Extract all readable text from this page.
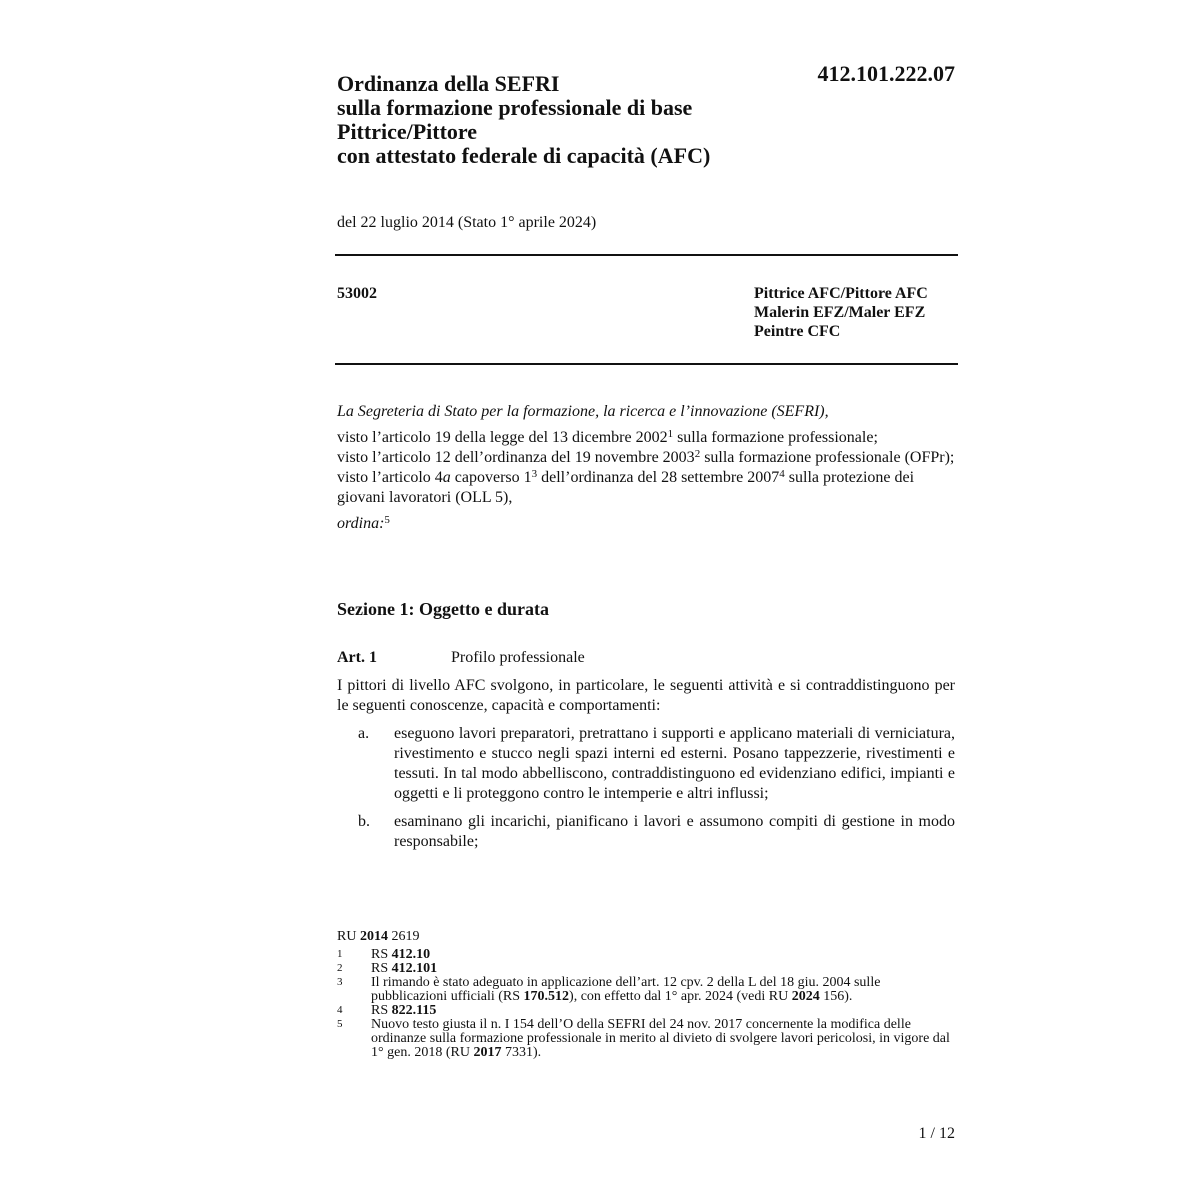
412.101.222.07
Ordinanza della SEFRI
sulla formazione professionale di base
Pittrice/Pittore
con attestato federale di capacità (AFC)
del 22 luglio 2014 (Stato 1° aprile 2024)
53002	Pittrice AFC/Pittore AFC
Malerin EFZ/Maler EFZ
Peintre CFC

La Segreteria di Stato per la formazione, la ricerca e l’innovazione (SEFRI),

visto l’articolo 19 della legge del 13 dicembre 2002$^1$ sulla formazione professionale;

visto l’articolo 12 dell’ordinanza del 19 novembre 2003$^2$ sulla formazione professionale (OFPr);

visto l’articolo 4a capoverso $1^3$ dell’ordinanza del 28 settembre 2007$^4$ sulla protezione dei giovani lavoratori (OLL 5),

ordina:$^5$

Sezione 1: Oggetto e durata
Art. 1	Profilo professionale

I pittori di livello AFC svolgono, in particolare, le seguenti attività e si contraddistinguono per le seguenti conoscenze, capacità e comportamenti:

a. eseguono lavori preparatori, pretrattano i supporti e applicano materiali di verniciatura, rivestimento e stucco negli spazi interni ed esterni. Posano tappezzerie, rivestimenti e tessuti. In tal modo abbelliscono, contraddistinguono ed evidenziano edifici, impianti e oggetti e li proteggono contro le intemperie e altri influssi;
b. esaminano gli incarichi, pianificano i lavori e assumono compiti di gestione in modo responsabile;
RU 2014 2619
1 RS 412.10
2 RS 412.101
3 Il rimando è stato adeguato in applicazione dell’art. 12 cpv. 2 della L del 18 giu. 2004 sulle pubblicazioni ufficiali (RS 170.512), con effetto dal 1° apr. 2024 (vedi RU 2024 156).
4 RS 822.115
5 Nuovo testo giusta il n. I 154 dell’O della SEFRI del 24 nov. 2017 concernente la modifica delle ordinanze sulla formazione professionale in merito al divieto di svolgere lavori pericolosi, in vigore dal 1° gen. 2018 (RU 2017 7331).
1 / 12
